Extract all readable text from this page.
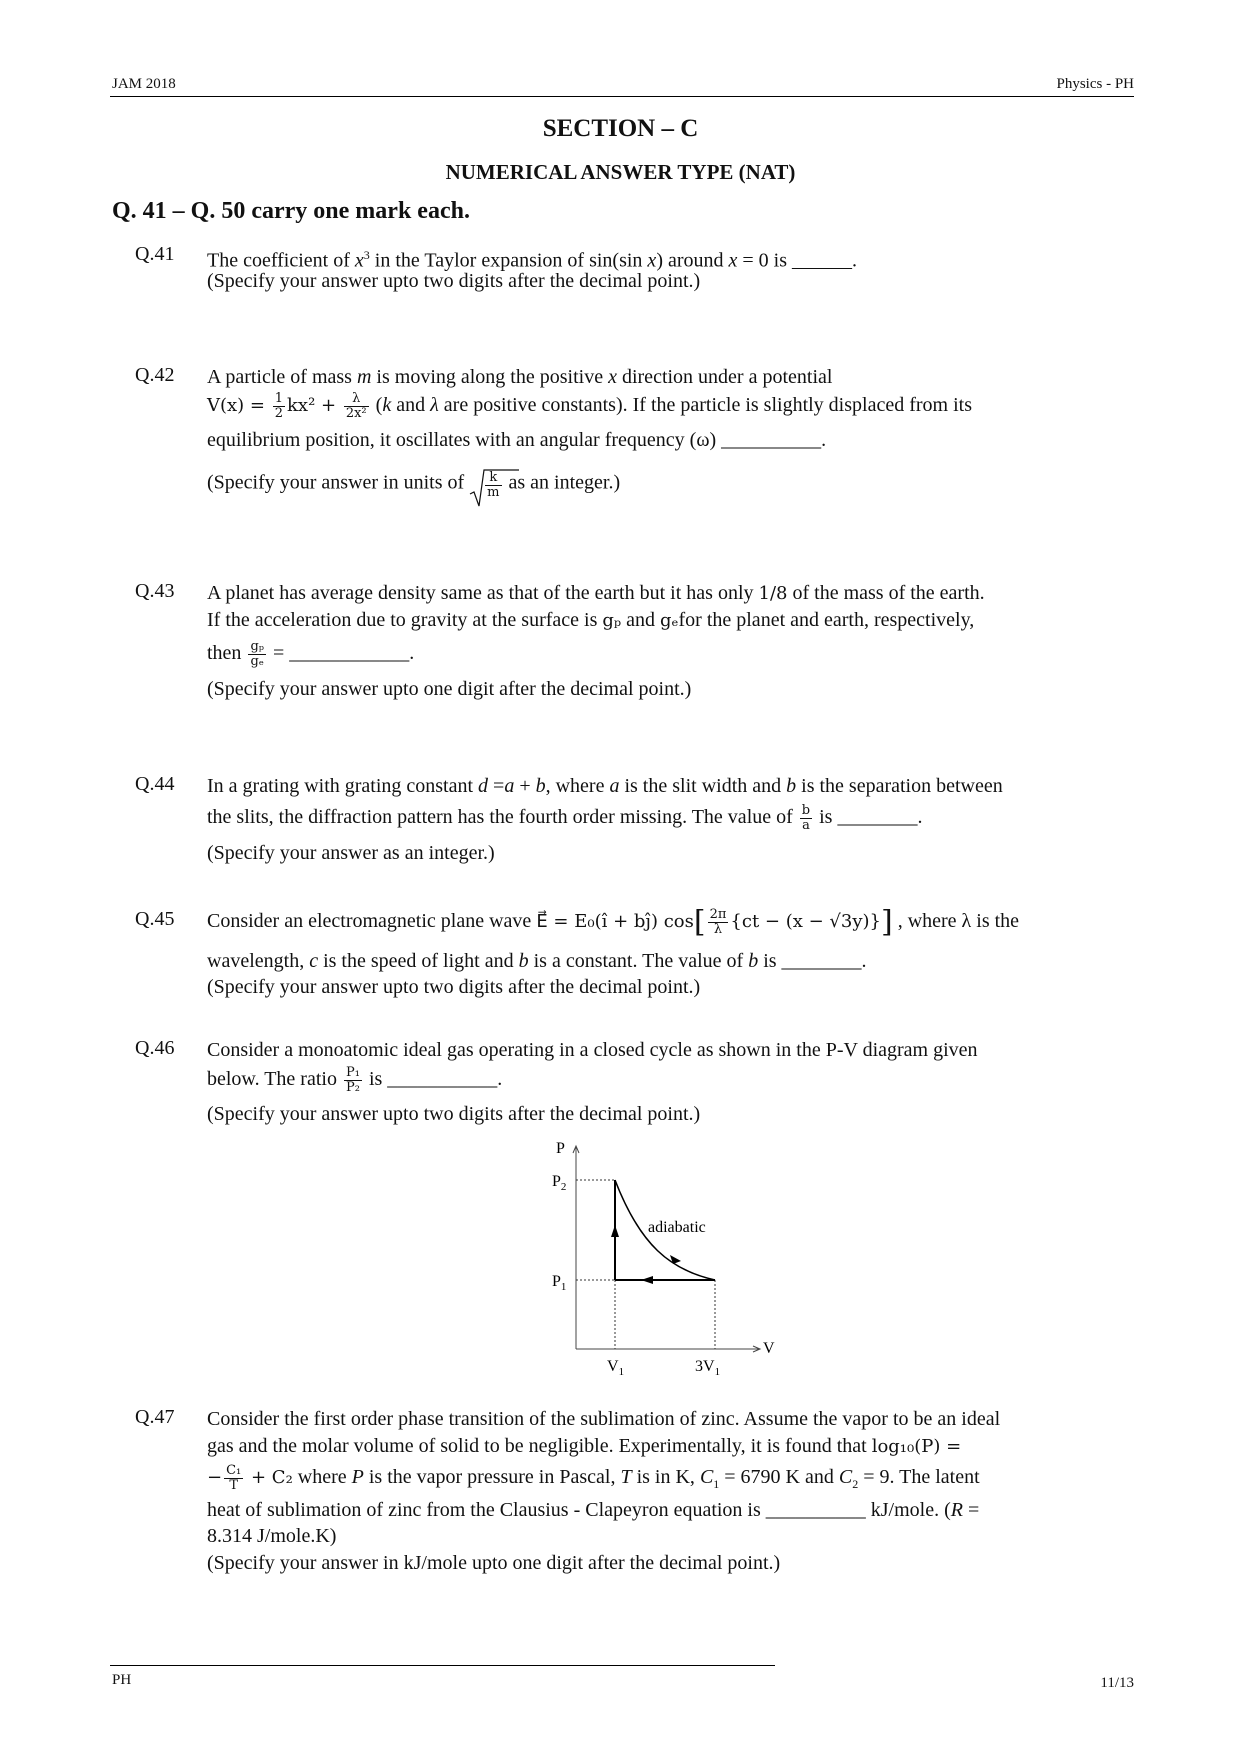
JAM 2018	Physics - PH
SECTION – C
NUMERICAL ANSWER TYPE (NAT)
Q. 41 – Q. 50 carry one mark each.
Q.41 The coefficient of $x^3$ in the Taylor expansion of sin(sin x) around x = 0 is ______.
(Specify your answer upto two digits after the decimal point.)
Q.42 A particle of mass m is moving along the positive x direction under a potential
$V(x) = \frac{1}{2} kx^2 + \frac{\lambda}{\text{2x²}} (k$ and λ are positive constants). If the particle is slightly displaced from its
equilibrium position, it oscillates with an angular frequency (ω) __________.
(Specify your answer in units of $\frac{k}{m}$ as an integer.)
Q.43 A planet has average density same as that of the earth but it has only 1/8 of the mass of the earth.
If the acceleration due to gravity at the surface is gₚ and gₑfor the planet and earth, respectively,
then $\frac{\text{gₚ}}{\text{gₑ}}$ = ____________.
(Specify your answer upto one digit after the decimal point.)
Q.44 In a grating with grating constant d =a + b, where a is the slit width and b is the separation between
the slits, the diffraction pattern has the fourth order missing. The value of $\frac{b}{a}$ is ________.
(Specify your answer as an integer.)
Q.45 Consider an electromagnetic plane wave E⃗ = E₀(î + bĵ) $\cos[ \frac{2\pi}{\lambda} \{ct - (x - √3y)\}]$ , where λ is the
wavelength, c is the speed of light and b is a constant. The value of b is ________.
(Specify your answer upto two digits after the decimal point.)
Q.46 Consider a monoatomic ideal gas operating in a closed cycle as shown in the P-V diagram given
below. The ratio $\frac{\text{P₁}}{\text{P₂}}$ is ___________.
(Specify your answer upto two digits after the decimal point.)
P
V
$P_2$
$P_1$
$V_1$	$3V_1$
adiabatic
Q.47 Consider the first order phase transition of the sublimation of zinc. Assume the vapor to be an ideal
gas and the molar volume of solid to be negligible. Experimentally, it is found that log₁₀(P) =
− $\frac{\text{C₁}}{T} + C_2$ where P is the vapor pressure in Pascal, T is in K, $C_1 = 6790$ K and $C_2 = 9$. The latent
heat of sublimation of zinc from the Clausius - Clapeyron equation is __________ kJ/mole. (R =
8.314 J/mole.K)
(Specify your answer in kJ/mole upto one digit after the decimal point.)
PH	11/13
